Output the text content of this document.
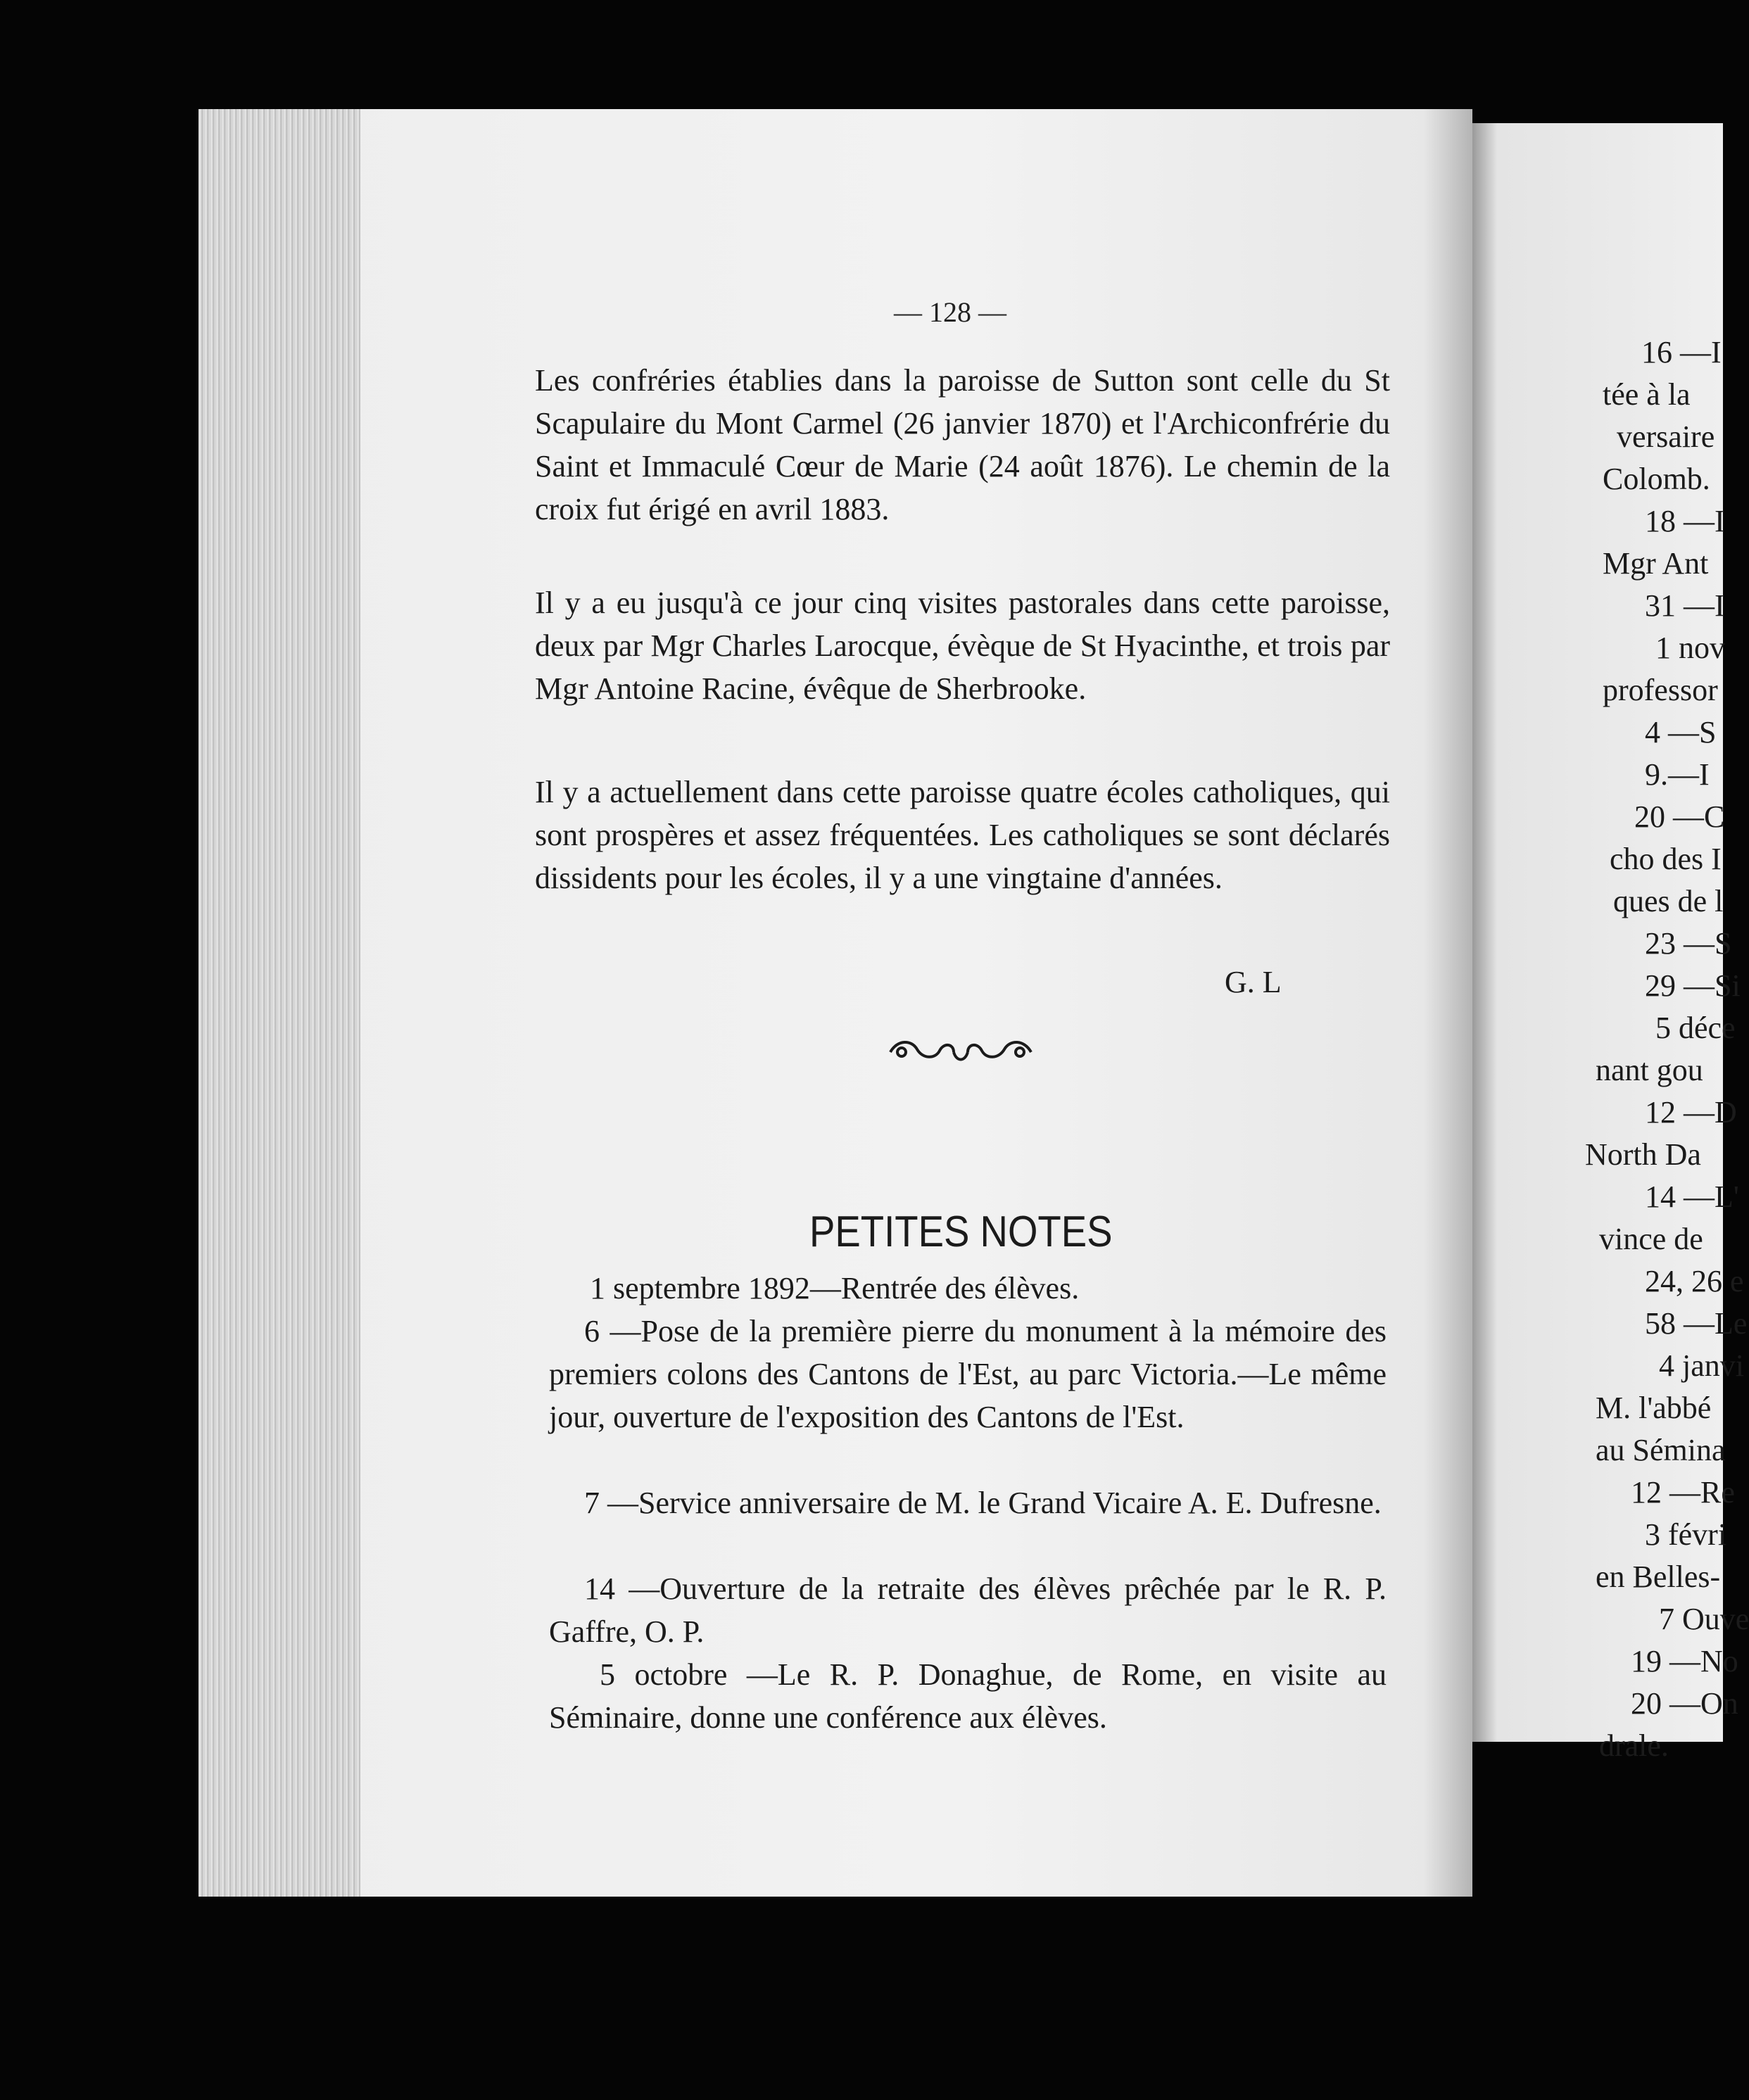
16 —I
tée à la
versaire
Colomb.
18 —I
Mgr Ant
31 —I
1 nov
professor
4 —S
9.—I
20 —C
cho des I
ques de l
23 —S
29 —Si
5 déce
nant gou
12 —D
North Da
14 —L'
vince de
24, 26 e
58 —Le
4 janvi
M. l'abbé
au Sémina
12 —Re
3 févri
en Belles-
7 Ouve
19 —No
20 —On
drale.
— 128 —

Les confréries établies dans la paroisse de Sutton sont celle du St Scapulaire du Mont Carmel (26 janvier 1870) et l'Archiconfrérie du Saint et Immaculé Cœur de Marie (24 août 1876). Le chemin de la croix fut érigé en avril 1883.

Il y a eu jusqu'à ce jour cinq visites pastorales dans cette paroisse, deux par Mgr Charles Larocque, évèque de St Hyacinthe, et trois par Mgr Antoine Racine, évêque de Sherbrooke.

Il y a actuellement dans cette paroisse quatre écoles catholiques, qui sont prospères et assez fréquentées. Les catholiques se sont déclarés dissidents pour les écoles, il y a une vingtaine d'années.

G. L
PETITES NOTES

1 septembre 1892—Rentrée des élèves.

6 —Pose de la première pierre du monument à la mémoire des premiers colons des Cantons de l'Est, au parc Victoria.—Le même jour, ouverture de l'exposition des Cantons de l'Est.

7 —Service anniversaire de M. le Grand Vicaire A. E. Dufresne.

14 —Ouverture de la retraite des élèves prêchée par le R. P. Gaffre, O. P.

5 octobre —Le R. P. Donaghue, de Rome, en visite au Séminaire, donne une conférence aux élèves.
